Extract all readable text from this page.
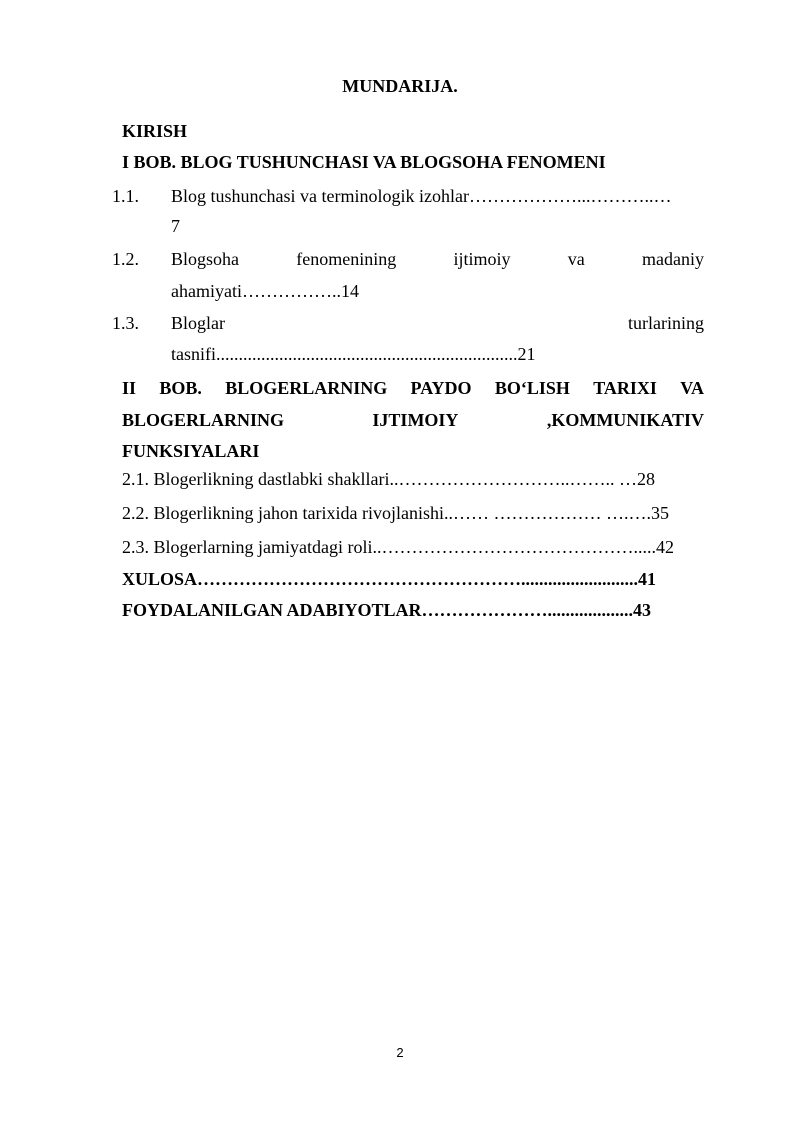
MUNDARIJA.
KIRISH
I BOB. BLOG TUSHUNCHASI VA BLOGSOHA FENOMENI
1.1. Blog tushunchasi va terminologik izohlar………………...………..…
7
1.2. Blogsoha	fenomenining	ijtimoiy	va	madaniy
ahamiyati……………..14
1.3. Bloglar	turlarining
tasnifi...................................................................21
II BOB. BLOGERLARNING PAYDO BO‘LISH TARIXI VA
BLOGERLARNING	IJTIMOIY	,KOMMUNIKATIV
FUNKSIYALARI
2.1. Blogerlikning dastlabki shakllari..………………………..…….. …28
2.2. Blogerlikning jahon tarixida rivojlanishi..…… ……………… ….….35
2.3. Blogerlarning jamiyatdagi roli..…………………………………….....42
XULOSA………………………………………………..........................41
FOYDALANILGAN ADABIYOTLAR…………………...................43
2
